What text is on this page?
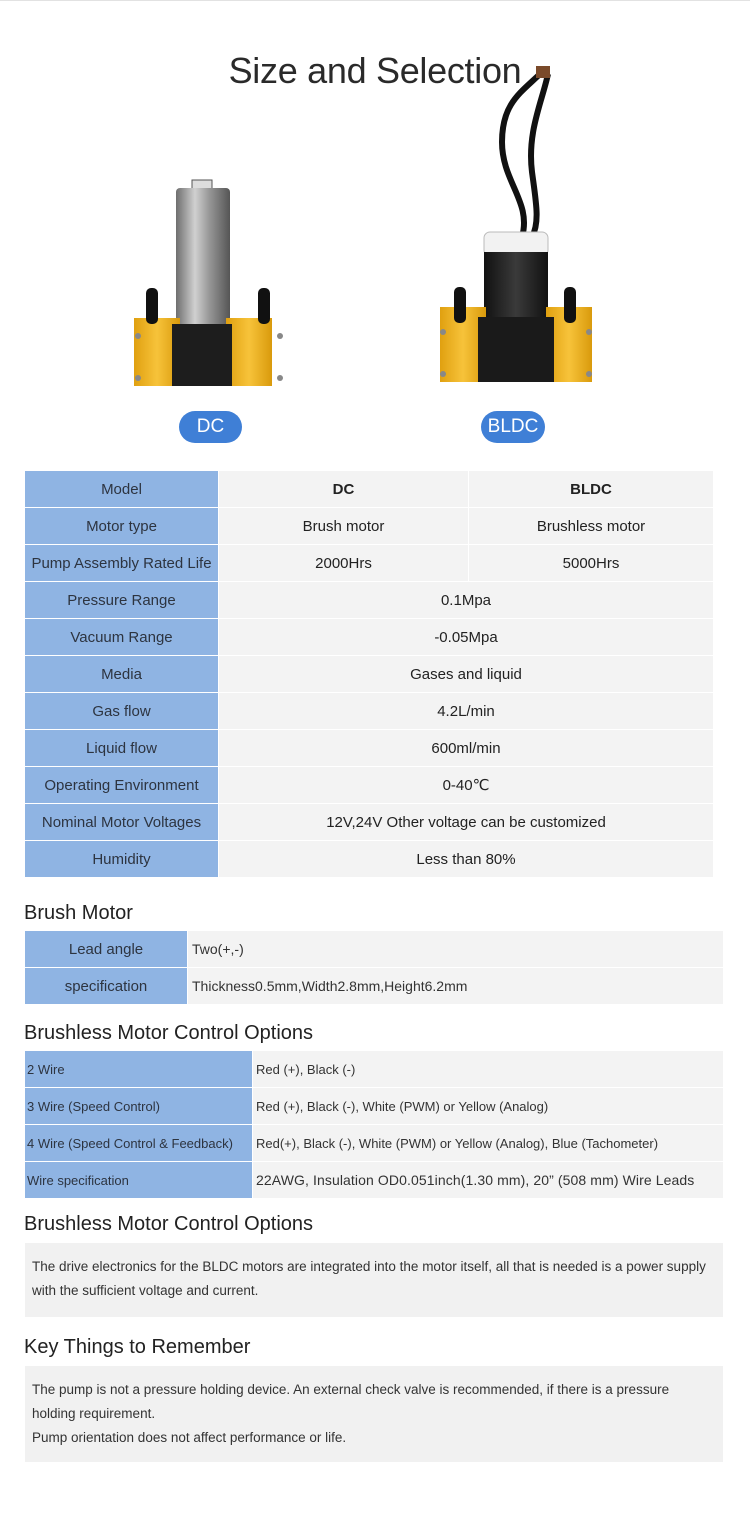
Size and Selection
DC	BLDC
Model	DC	BLDC
Motor type	Brush motor	Brushless motor
Pump Assembly Rated Life	2000Hrs	5000Hrs
Pressure Range	0.1Mpa
Vacuum Range	-0.05Mpa
Media	Gases and liquid
Gas flow	4.2L/min
Liquid flow	600ml/min
Operating Environment	0-40℃
Nominal Motor Voltages	12V,24V Other voltage can be customized
Humidity	Less than 80%
Brush Motor
Lead angle	Two(+,-)
specification	Thickness0.5mm,Width2.8mm,Height6.2mm
Brushless Motor Control Options
2 Wire	Red (+), Black (-)
3 Wire (Speed Control)	Red (+), Black (-), White (PWM) or Yellow (Analog)
4 Wire (Speed Control & Feedback)	Red(+), Black (-), White (PWM) or Yellow (Analog), Blue (Tachometer)
Wire specification	22AWG, Insulation OD0.051inch(1.30 mm), 20” (508 mm) Wire Leads
Brushless Motor Control Options

The drive electronics for the BLDC motors are integrated into the motor itself, all that is needed is a power supply with the sufficient voltage and current.

Key Things to Remember

The pump is not a pressure holding device. An external check valve is recommended, if there is a pressure holding requirement.

Pump orientation does not affect performance or life.
